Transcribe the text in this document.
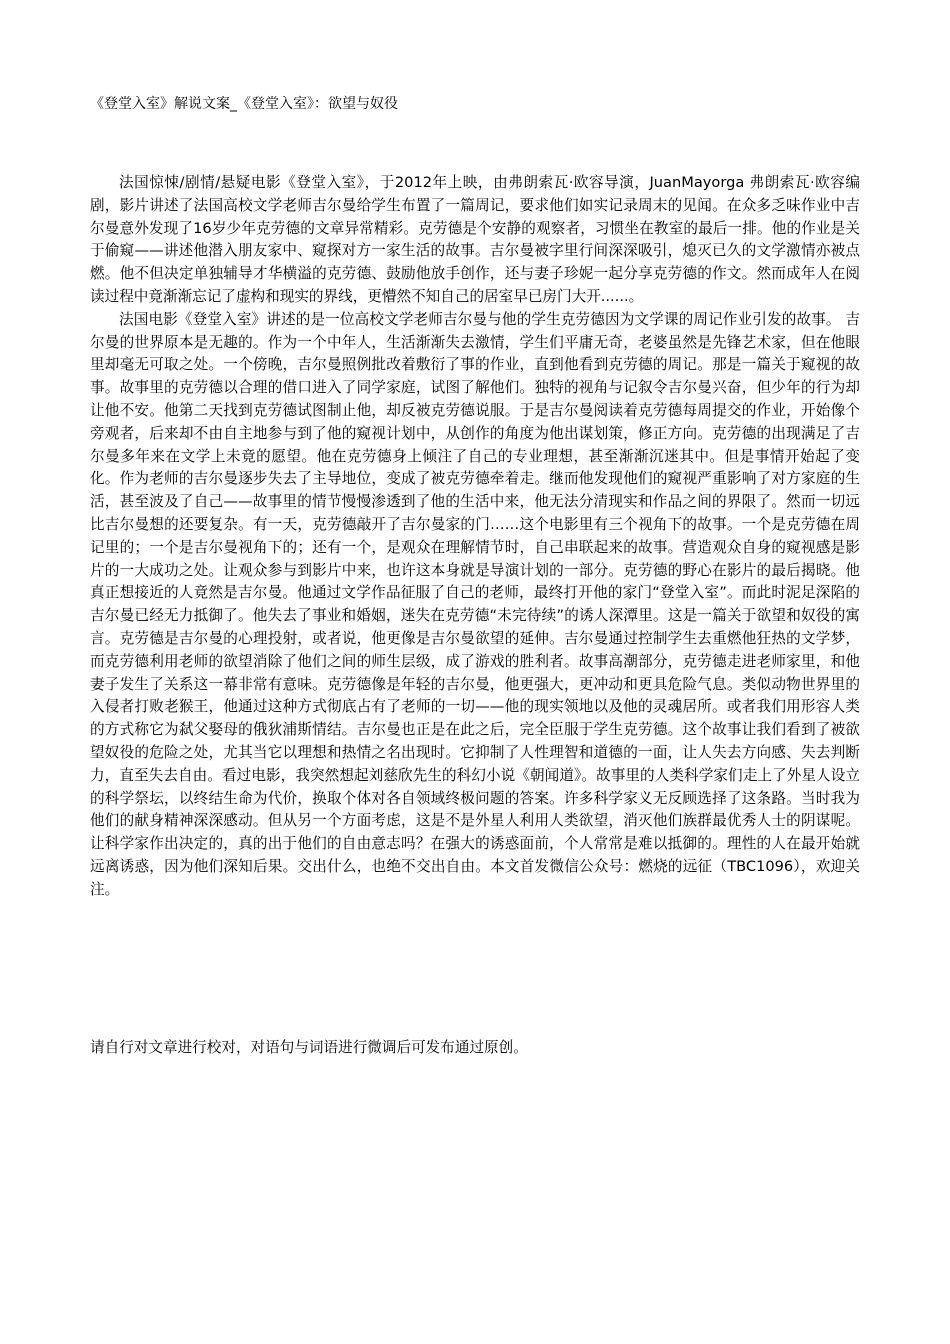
《登堂入室》解说文案_《登堂入室》：欲望与奴役

法国惊悚/剧情/悬疑电影《登堂入室》，于2012年上映，由弗朗索瓦·欧容导演，JuanMayorga 弗朗索瓦·欧容编剧，影片讲述了法国高校文学老师吉尔曼给学生布置了一篇周记，要求他们如实记录周末的见闻。在众多乏味作业中吉尔曼意外发现了16岁少年克劳德的文章异常精彩。克劳德是个安静的观察者，习惯坐在教室的最后一排。他的作业是关于偷窥——讲述他潜入朋友家中、窥探对方一家生活的故事。吉尔曼被字里行间深深吸引，熄灭已久的文学激情亦被点燃。他不但决定单独辅导才华横溢的克劳德、鼓励他放手创作，还与妻子珍妮一起分享克劳德的作文。然而成年人在阅读过程中竟渐渐忘记了虚构和现实的界线，更懵然不知自己的居室早已房门大开......。

法国电影《登堂入室》讲述的是一位高校文学老师吉尔曼与他的学生克劳德因为文学课的周记作业引发的故事。 吉尔曼的世界原本是无趣的。作为一个中年人，生活渐渐失去激情，学生们平庸无奇，老婆虽然是先锋艺术家，但在他眼里却毫无可取之处。一个傍晚，吉尔曼照例批改着敷衍了事的作业，直到他看到克劳德的周记。那是一篇关于窥视的故事。故事里的克劳德以合理的借口进入了同学家庭，试图了解他们。独特的视角与记叙令吉尔曼兴奋，但少年的行为却让他不安。他第二天找到克劳德试图制止他，却反被克劳德说服。于是吉尔曼阅读着克劳德每周提交的作业，开始像个旁观者，后来却不由自主地参与到了他的窥视计划中，从创作的角度为他出谋划策，修正方向。克劳德的出现满足了吉尔曼多年来在文学上未竟的愿望。他在克劳德身上倾注了自己的专业理想，甚至渐渐沉迷其中。但是事情开始起了变化。作为老师的吉尔曼逐步失去了主导地位，变成了被克劳德牵着走。继而他发现他们的窥视严重影响了对方家庭的生活，甚至波及了自己——故事里的情节慢慢渗透到了他的生活中来，他无法分清现实和作品之间的界限了。然而一切远比吉尔曼想的还要复杂。有一天，克劳德敲开了吉尔曼家的门……这个电影里有三个视角下的故事。一个是克劳德在周记里的；一个是吉尔曼视角下的；还有一个，是观众在理解情节时，自己串联起来的故事。营造观众自身的窥视感是影片的一大成功之处。让观众参与到影片中来，也许这本身就是导演计划的一部分。克劳德的野心在影片的最后揭晓。他真正想接近的人竟然是吉尔曼。他通过文学作品征服了自己的老师，最终打开他的家门“登堂入室”。而此时泥足深陷的吉尔曼已经无力抵御了。他失去了事业和婚姻，迷失在克劳德“未完待续”的诱人深潭里。这是一篇关于欲望和奴役的寓言。克劳德是吉尔曼的心理投射，或者说，他更像是吉尔曼欲望的延伸。吉尔曼通过控制学生去重燃他狂热的文学梦，而克劳德利用老师的欲望消除了他们之间的师生层级，成了游戏的胜利者。故事高潮部分，克劳德走进老师家里，和他妻子发生了关系这一幕非常有意味。克劳德像是年轻的吉尔曼，他更强大，更冲动和更具危险气息。类似动物世界里的入侵者打败老猴王，他通过这种方式彻底占有了老师的一切——他的现实领地以及他的灵魂居所。或者我们用形容人类的方式称它为弑父娶母的俄狄浦斯情结。吉尔曼也正是在此之后，完全臣服于学生克劳德。这个故事让我们看到了被欲望奴役的危险之处，尤其当它以理想和热情之名出现时。它抑制了人性理智和道德的一面，让人失去方向感、失去判断力，直至失去自由。看过电影，我突然想起刘慈欣先生的科幻小说《朝闻道》。故事里的人类科学家们走上了外星人设立的科学祭坛，以终结生命为代价，换取个体对各自领域终极问题的答案。许多科学家义无反顾选择了这条路。当时我为他们的献身精神深深感动。但从另一个方面考虑，这是不是外星人利用人类欲望，消灭他们族群最优秀人士的阴谋呢。让科学家作出决定的，真的出于他们的自由意志吗？在强大的诱惑面前，个人常常是难以抵御的。理性的人在最开始就远离诱惑，因为他们深知后果。交出什么，也绝不交出自由。本文首发微信公众号：燃烧的远征（TBC1096），欢迎关注。

请自行对文章进行校对，对语句与词语进行微调后可发布通过原创。
